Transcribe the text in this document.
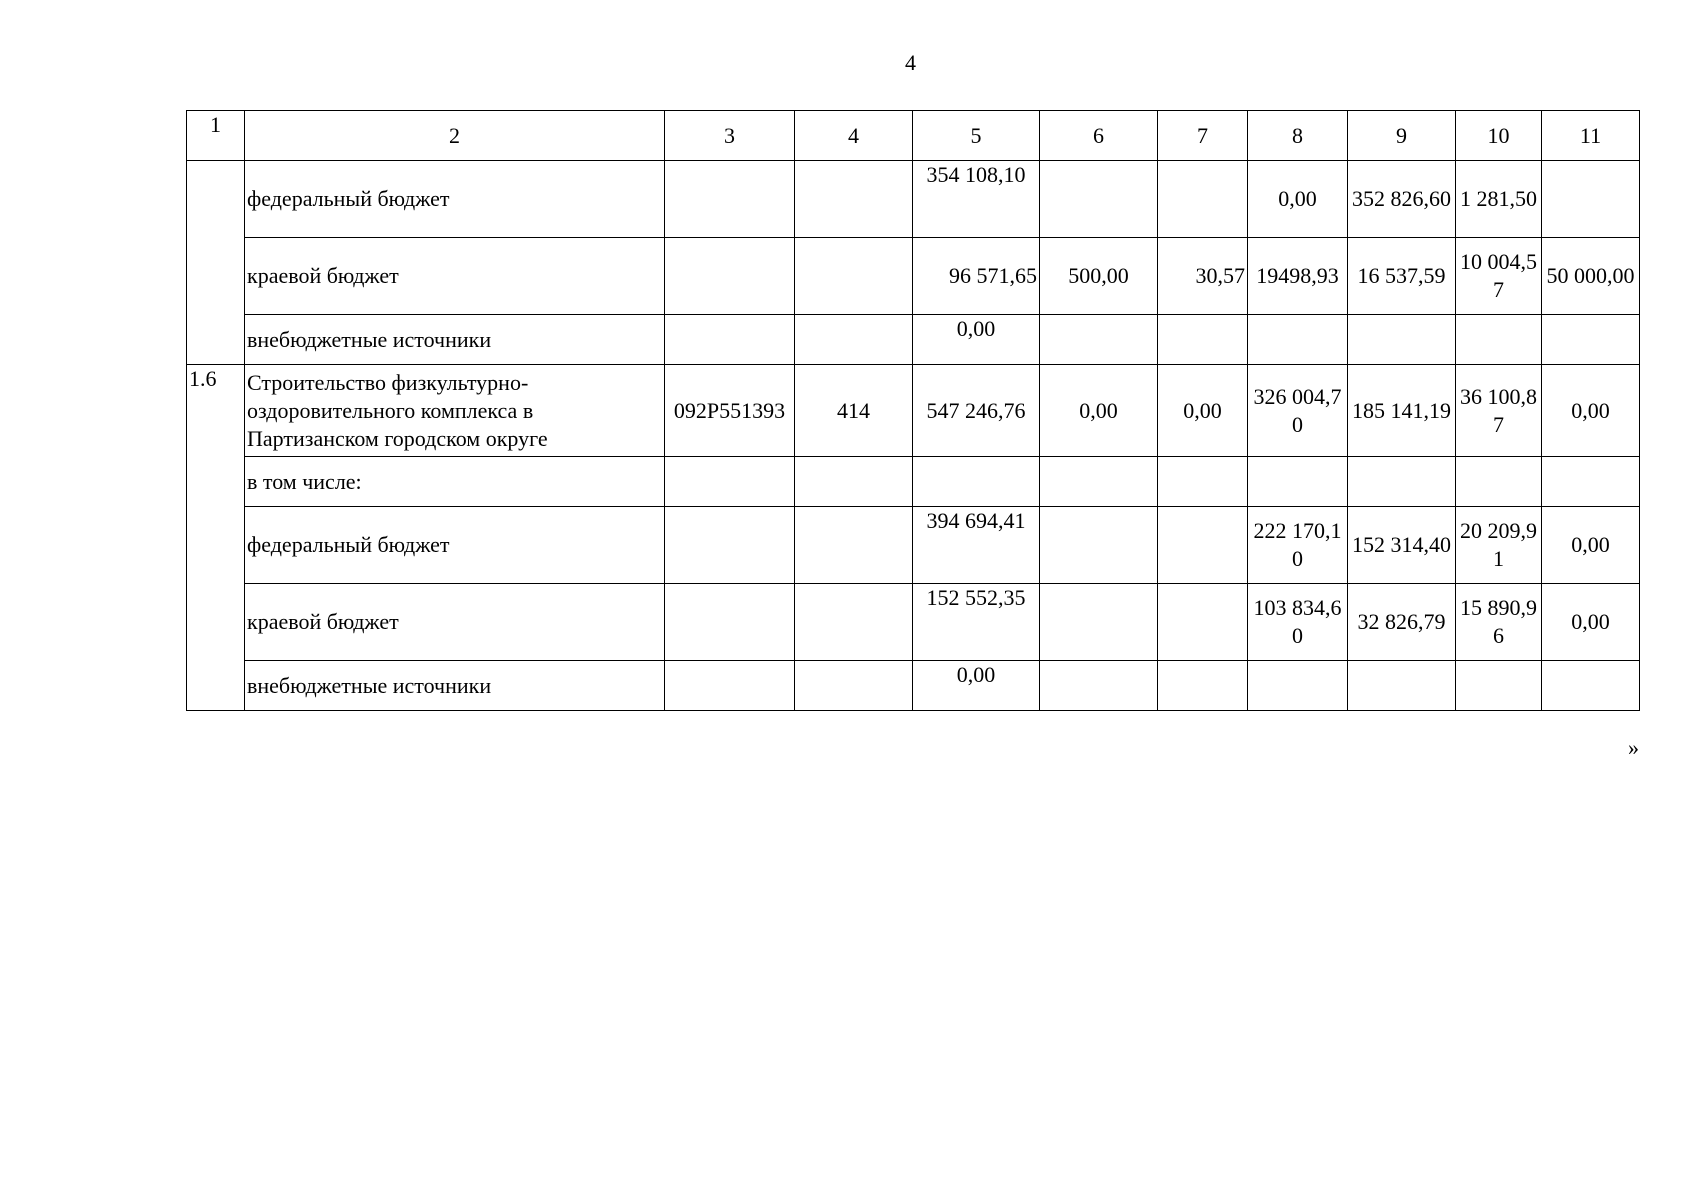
4
1	2	3	4	5	6	7	8	9	10	11
	федеральный бюджет			354 108,10			0,00	352 826,60	1 281,50	
	краевой бюджет			96 571,65	500,00	30,57	19498,93	16 537,59	10 004,57	50 000,00
	внебюджетные источники			0,00						
1.6	Строительство физкультурно-оздоровительного комплекса в Партизанском городском округе	092P551393	414	547 246,76	0,00	0,00	326 004,70	185 141,19	36 100,87	0,00
	в том числе:									
	федеральный бюджет			394 694,41			222 170,10	152 314,40	20 209,91	0,00
	краевой бюджет			152 552,35			103 834,60	32 826,79	15 890,96	0,00
	внебюджетные источники			0,00						
»
